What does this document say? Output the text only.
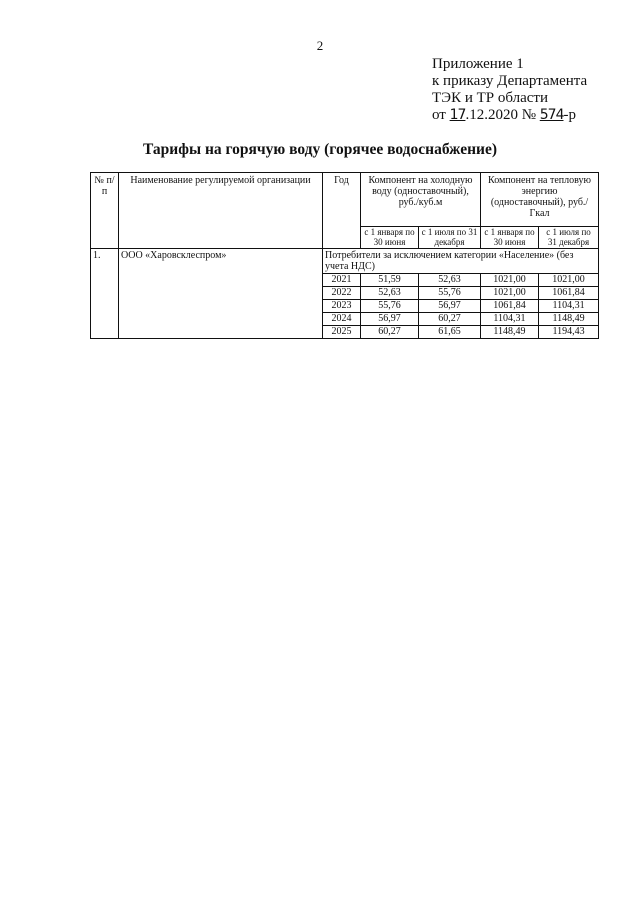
2
Приложение 1
к приказу Департамента
ТЭК и ТР области
от 17.12.2020 № 574-р
Тарифы на горячую воду (горячее водоснабжение)
№ п/п	Наименование регулируемой организации	Год	Компонент на холодную воду (одноставочный), руб./куб.м		Компонент на тепловую энергию (одноставочный), руб./Гкал	
			с 1 января по 30 июня	с 1 июля по 31 декабря	с 1 января по 30 июня	с 1 июля по 31 декабря
1.	ООО «Харовсклеспром»	Потребители за исключением категории «Население» (без учета НДС)				
		2021	51,59	52,63	1021,00	1021,00
		2022	52,63	55,76	1021,00	1061,84
		2023	55,76	56,97	1061,84	1104,31
		2024	56,97	60,27	1104,31	1148,49
		2025	60,27	61,65	1148,49	1194,43
